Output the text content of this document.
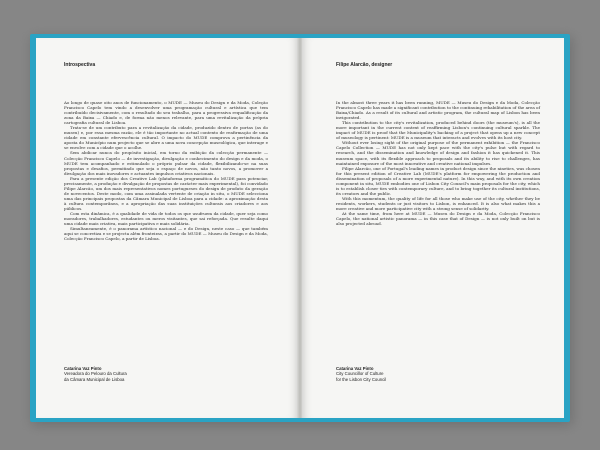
Introspectiva

Ao longo de quase oito anos de funcionamento, o MUDE — Museu do Design e da Moda, Coleção Francisco Capelo tem vindo a desenvolver uma programação cultural e artística que tem contribuído decisivamente, com o resultado do seu trabalho, para a progressiva requalificação da zona da Baixa — Chiado e, de forma não menos relevante, para uma revitalização da própria cartografia cultural de Lisboa.

Trata-se de um contributo para a revitalização da cidade, produzido dentro de portas (as do museu) e, por essa mesma razão, ele é tão importante no actual contexto de reafirmação de uma cidade em constante efervescência cultural. O impacto do MUDE comprova a pertinência da aposta do Município num projecto que se abre a uma nova concepção museológica, que interage e se envolve com a cidade que o acolhe.

Sem abdicar nunca do propósito inicial, em torno da exibição da colecção permanente — Colecção Francisco Capelo — de investigação, divulgação e conhecimento do design e da moda, o MUDE tem acompanhado e estimulado o próprio pulsar da cidade, flexibilizando-se na suas propostas e desafios, permitindo que seja o espaço de novos, não tanto novos, a promover a divulgação dos mais inovadores e actuantes impulsos criativos nacionais.

Para a presente edição dos Creative Lab (plataforma programática do MUDE para potenciar, precisamente, a produção e divulgação de propostas de carácter mais experimental), foi convidado Filipe Alarcão, um dos mais representativos nomes portugueses do design de produto da geração de novecentos. Deste modo, com uma assinalada vertente de criação in situ, o MUDE selecciona uma das principais propostas da Câmara Municipal de Lisboa para a cidade: a aproximação desta à cultura contemporânea, e a apropriação das suas instituições culturais aos criadores e aos públicos.

Com esta dinâmica, é a qualidade de vida de todos os que usufruem da cidade, quer seja como moradores, trabalhadores, estudantes ou meros visitantes, que sai reforçada. Que resulte daqui uma cidade mais criativa, mais participativa e mais solidária.

Simultaneamente, é o panorama artístico nacional — e do Design, neste caso — que também aqui se concretiza e se projecta além fronteiras, a partir do MUDE — Museu do Design e da Moda, Colecção Francisco Capelo, a partir de Lisboa.

Catarina Vaz Pinto
Vereadora do Pelouro da Cultura
da Câmara Municipal de Lisboa
Filipe Alarcão, designer

In the almost three years it has been running, MUDE — Museu do Design e da Moda, Colecção Francisco Capelo has made a significant contribution to the continuing rehabilitation of the area of Baixa/Chiado. As a result of its cultural and artistic program, the cultural map of Lisbon has been invigorated.

This contribution to the city's revitalization, produced behind doors (the museum's), is all the more important in the current context of reaffirming Lisbon's continuing cultural sparkle. The impact of MUDE is proof that the Municipality's backing of a project that opens up a new concept of museology is pertinent: MUDE is a museum that interacts and evolves with its host city.

Without ever losing sight of the original purpose of the permanent exhibition — the Francisco Capelo Collection — MUDE has not only kept pace with the city's pulse but with regard to research, and the dissemination and knowledge of design and fashion it has quickened it. This museum space, with its flexible approach to proposals and its ability to rise to challenges, has maintained exposure of the most innovative and creative national impulses.

Filipe Alarcão, one of Portugal's leading names in product design since the nineties, was chosen for this present edition of Creative Lab (MUDE's platform for empowering the production and dissemination of proposals of a more experimental nature). In this way, and with its own creation component in situ, MUDE embodies one of Lisbon City Council's main proposals for the city, which is to establish closer ties with contemporary culture, and to bring together its cultural institutions, its creators and the public.

With this momentum, the quality of life for all those who make use of the city, whether they be residents, workers, students or just visitors to Lisbon, is enhanced. It is also what makes this a more creative and more participative city with a strong sense of solidarity.

At the same time, from here at MUDE — Museu do Design e da Moda, Colecção Francisco Capelo, the national artistic panorama — in this case that of Design — is not only built on but is also projected abroad.

Catarina Vaz Pinto
City Councillor of Culture
for the Lisbon City Council
